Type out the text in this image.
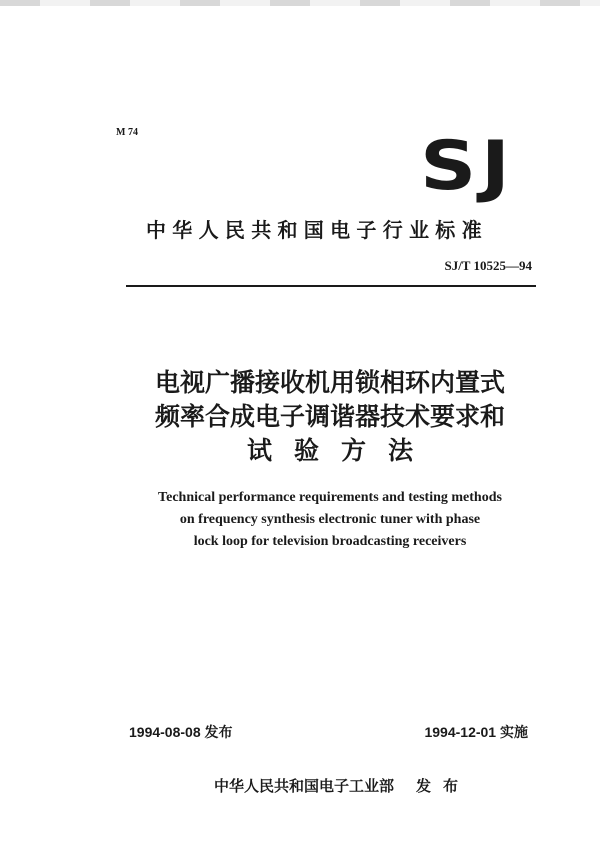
M 74	SJ
中华人民共和国电子行业标准
SJ/T 10525—94
电视广播接收机用锁相环内置式
频率合成电子调谐器技术要求和
试验方法
Technical performance requirements and testing methods
on frequency synthesis electronic tuner with phase
lock loop for television broadcasting receivers
1994-08-08 发布	1994-12-01 实施
中华人民共和国电子工业部 发布
